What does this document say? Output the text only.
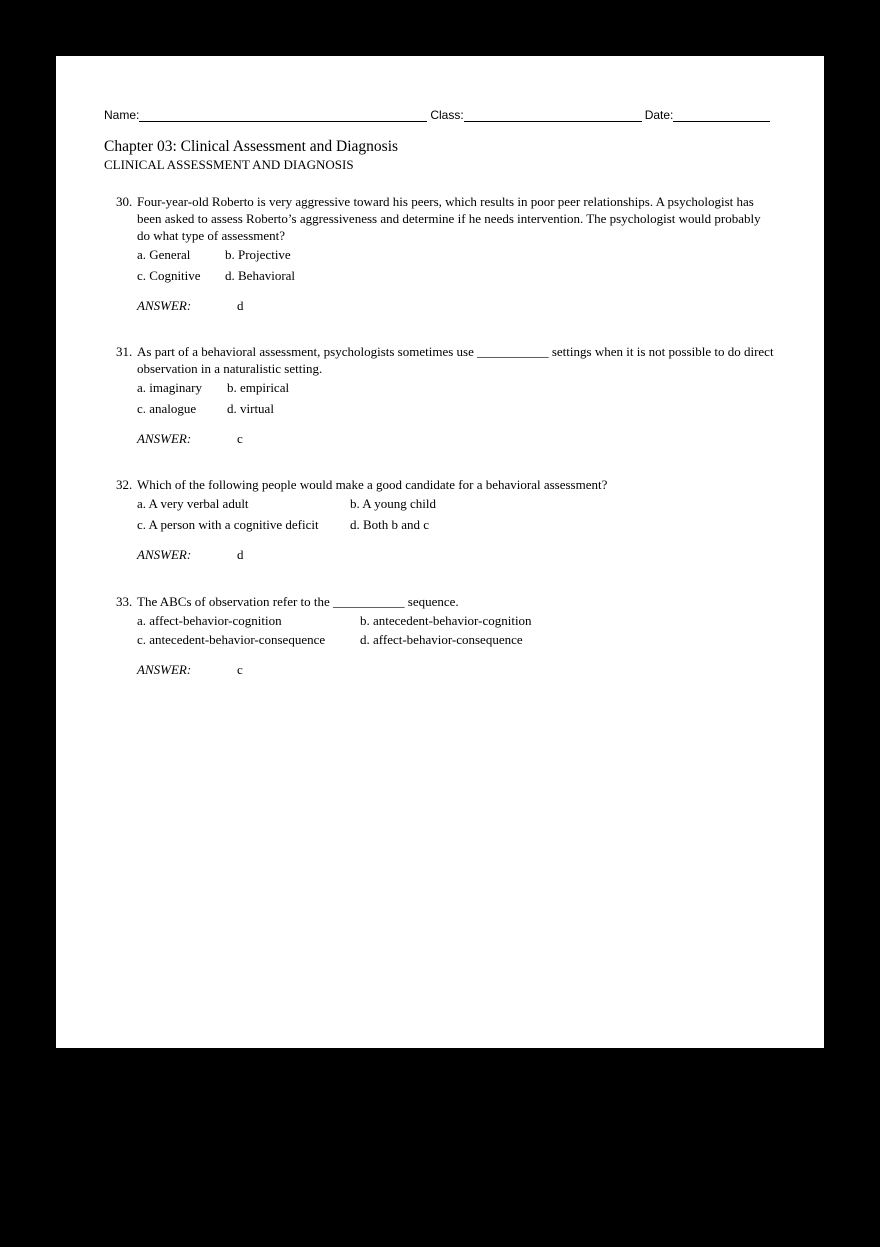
Name:	Class:	Date:
Chapter 03: Clinical Assessment and Diagnosis
CLINICAL ASSESSMENT AND DIAGNOSIS
30. Four-year-old Roberto is very aggressive toward his peers, which results in poor peer relationships. A psychologist has been asked to assess Roberto’s aggressiveness and determine if he needs intervention. The psychologist would probably do what type of assessment?
a. General	b. Projective
c. Cognitive	d. Behavioral
ANSWER:	d
31. As part of a behavioral assessment, psychologists sometimes use ___________ settings when it is not possible to do direct observation in a naturalistic setting.
a. imaginary	b. empirical
c. analogue	d. virtual
ANSWER:	c
32. Which of the following people would make a good candidate for a behavioral assessment?
a. A very verbal adult	b. A young child
c. A person with a cognitive deficit	d. Both b and c
ANSWER:	d
33. The ABCs of observation refer to the ___________ sequence.
a. affect-behavior-cognition	b. antecedent-behavior-cognition
c. antecedent-behavior-consequence	d. affect-behavior-consequence
ANSWER:	c
